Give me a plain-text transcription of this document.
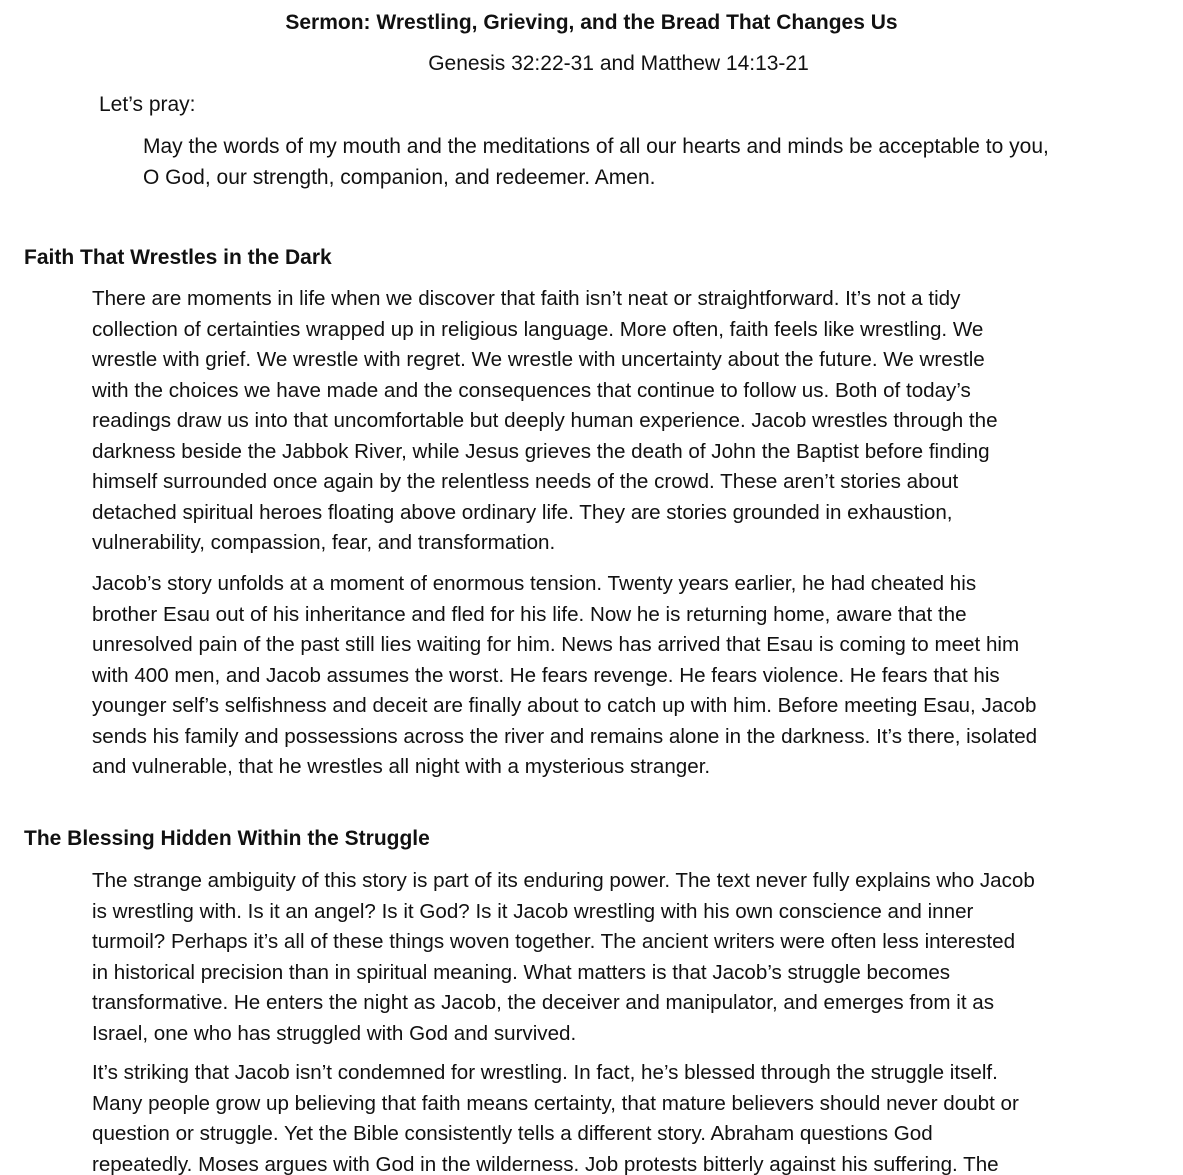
Sermon: Wrestling, Grieving, and the Bread That Changes Us

Genesis 32:22-31 and Matthew 14:13-21

Let’s pray:

May the words of my mouth and the meditations of all our hearts and minds be acceptable to you,
O God, our strength, companion, and redeemer. Amen.

Faith That Wrestles in the Dark

There are moments in life when we discover that faith isn’t neat or straightforward. It’s not a tidy
collection of certainties wrapped up in religious language. More often, faith feels like wrestling. We
wrestle with grief. We wrestle with regret. We wrestle with uncertainty about the future. We wrestle
with the choices we have made and the consequences that continue to follow us. Both of today’s
readings draw us into that uncomfortable but deeply human experience. Jacob wrestles through the
darkness beside the Jabbok River, while Jesus grieves the death of John the Baptist before finding
himself surrounded once again by the relentless needs of the crowd. These aren’t stories about
detached spiritual heroes floating above ordinary life. They are stories grounded in exhaustion,
vulnerability, compassion, fear, and transformation.

Jacob’s story unfolds at a moment of enormous tension. Twenty years earlier, he had cheated his
brother Esau out of his inheritance and fled for his life. Now he is returning home, aware that the
unresolved pain of the past still lies waiting for him. News has arrived that Esau is coming to meet him
with 400 men, and Jacob assumes the worst. He fears revenge. He fears violence. He fears that his
younger self’s selfishness and deceit are finally about to catch up with him. Before meeting Esau, Jacob
sends his family and possessions across the river and remains alone in the darkness. It’s there, isolated
and vulnerable, that he wrestles all night with a mysterious stranger.

The Blessing Hidden Within the Struggle

The strange ambiguity of this story is part of its enduring power. The text never fully explains who Jacob
is wrestling with. Is it an angel? Is it God? Is it Jacob wrestling with his own conscience and inner
turmoil? Perhaps it’s all of these things woven together. The ancient writers were often less interested
in historical precision than in spiritual meaning. What matters is that Jacob’s struggle becomes
transformative. He enters the night as Jacob, the deceiver and manipulator, and emerges from it as
Israel, one who has struggled with God and survived.

It’s striking that Jacob isn’t condemned for wrestling. In fact, he’s blessed through the struggle itself.
Many people grow up believing that faith means certainty, that mature believers should never doubt or
question or struggle. Yet the Bible consistently tells a different story. Abraham questions God
repeatedly. Moses argues with God in the wilderness. Job protests bitterly against his suffering. The
